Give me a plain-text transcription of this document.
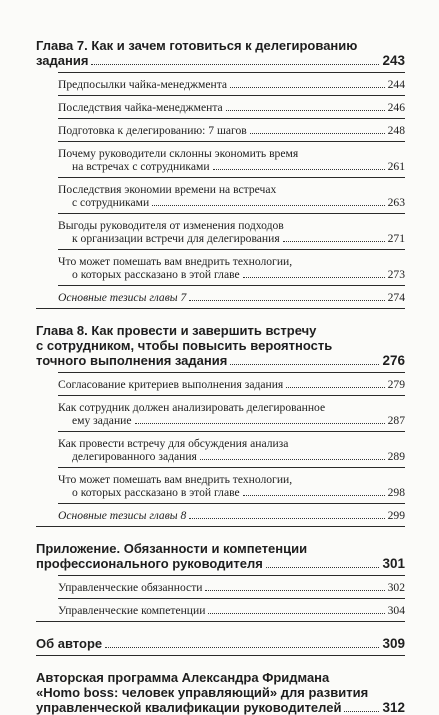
Глава 7. Как и зачем готовиться к делегированию
задания	243
Предпосылки чайка-менеджмента	244
Последствия чайка-менеджмента	246
Подготовка к делегированию: 7 шагов	248
Почему руководители склонны экономить время
на встречах с сотрудниками	261
Последствия экономии времени на встречах
с сотрудниками	263
Выгоды руководителя от изменения подходов
к организации встречи для делегирования	271
Что может помешать вам внедрить технологии,
о которых рассказано в этой главе	273
Основные тезисы главы 7	274
Глава 8. Как провести и завершить встречу
с сотрудником, чтобы повысить вероятность
точного выполнения задания	276
Согласование критериев выполнения задания	279
Как сотрудник должен анализировать делегированное
ему задание	287
Как провести встречу для обсуждения анализа
делегированного задания	289
Что может помешать вам внедрить технологии,
о которых рассказано в этой главе	298
Основные тезисы главы 8	299
Приложение. Обязанности и компетенции
профессионального руководителя	301
Управленческие обязанности	302
Управленческие компетенции	304
Об авторе	309
Авторская программа Александра Фридмана
«Homo boss: человек управляющий» для развития
управленческой квалификации руководителей	312
